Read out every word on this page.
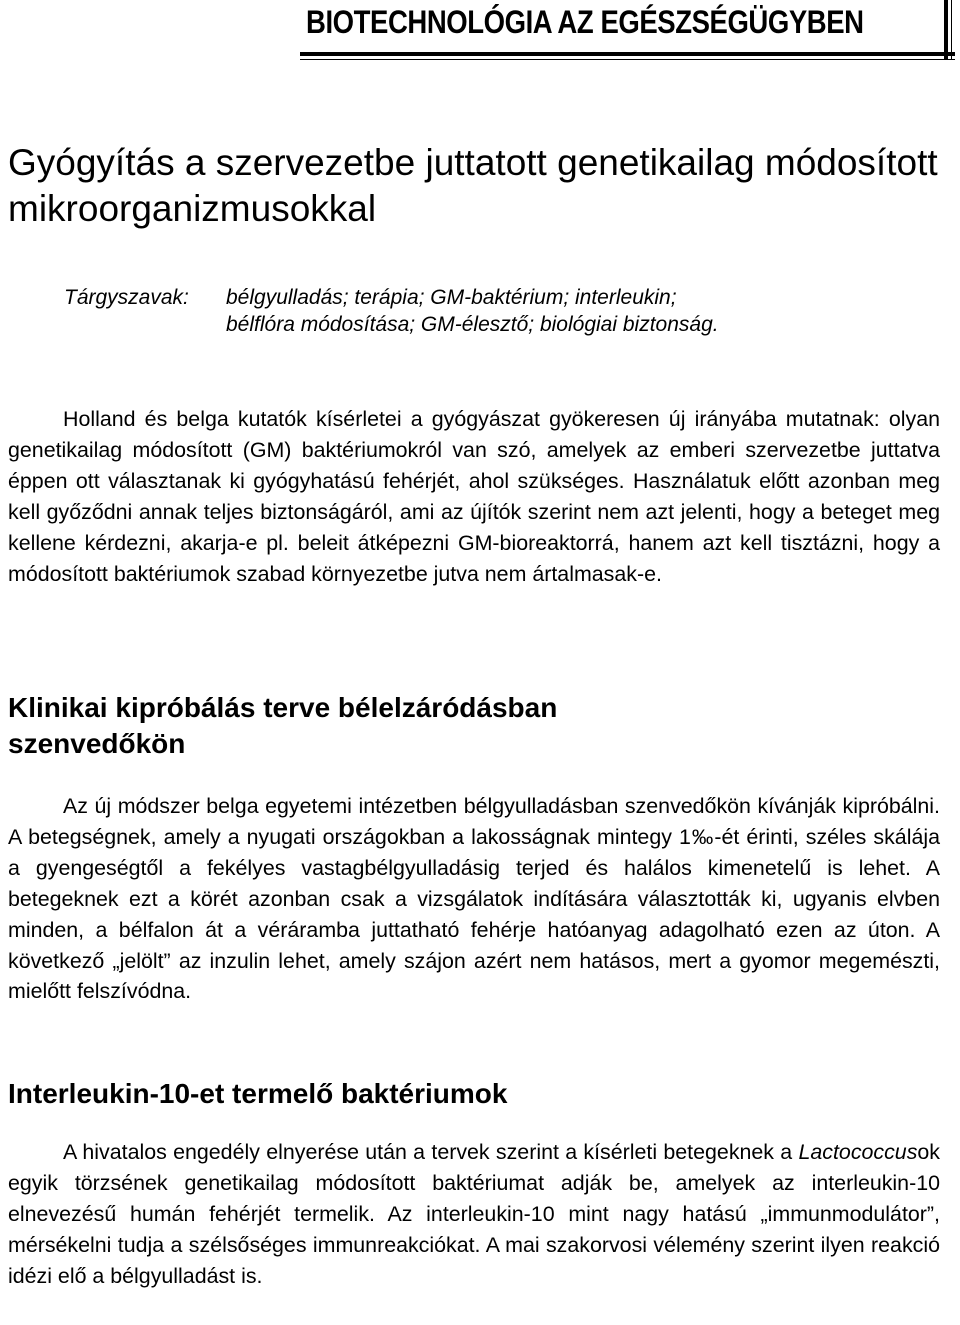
BIOTECHNOLÓGIA AZ EGÉSZSÉGÜGYBEN
Gyógyítás a szervezetbe juttatott genetikailag módosított mikroorganizmusokkal
Tárgyszavak:	bélgyulladás; terápia; GM-baktérium; interleukin;
bélflóra módosítása; GM-élesztő; biológiai biztonság.

Holland és belga kutatók kísérletei a gyógyászat gyökeresen új irányába mutatnak: olyan genetikailag módosított (GM) baktériumokról van szó, amelyek az emberi szervezetbe juttatva éppen ott választanak ki gyógyhatású fehérjét, ahol szükséges. Használatuk előtt azonban meg kell győződni annak teljes biztonságáról, ami az újítók szerint nem azt jelenti, hogy a beteget meg kellene kérdezni, akarja-e pl. beleit átképezni GM-bioreaktorrá, hanem azt kell tisztázni, hogy a módosított baktériumok szabad környezetbe jutva nem ártalmasak-e.

Klinikai kipróbálás terve bélelzáródásban szenvedőkön

Az új módszer belga egyetemi intézetben bélgyulladásban szenvedőkön kívánják kipróbálni. A betegségnek, amely a nyugati országokban a lakosságnak mintegy 1‰-ét érinti, széles skálája a gyengeségtől a fekélyes vastagbélgyulladásig terjed és halálos kimenetelű is lehet. A betegeknek ezt a körét azonban csak a vizsgálatok indítására választották ki, ugyanis elvben minden, a bélfalon át a véráramba juttatható fehérje hatóanyag adagolható ezen az úton. A következő „jelölt” az inzulin lehet, amely szájon azért nem hatásos, mert a gyomor megemészti, mielőtt felszívódna.

Interleukin-10-et termelő baktériumok

A hivatalos engedély elnyerése után a tervek szerint a kísérleti betegeknek a Lactococcusok egyik törzsének genetikailag módosított baktériumat adják be, amelyek az interleukin-10 elnevezésű humán fehérjét termelik. Az interleukin-10 mint nagy hatású „immunmodulátor”, mérsékelni tudja a szélsőséges immunreakciókat. A mai szakorvosi vélemény szerint ilyen reakció idézi elő a bélgyulladást is.
